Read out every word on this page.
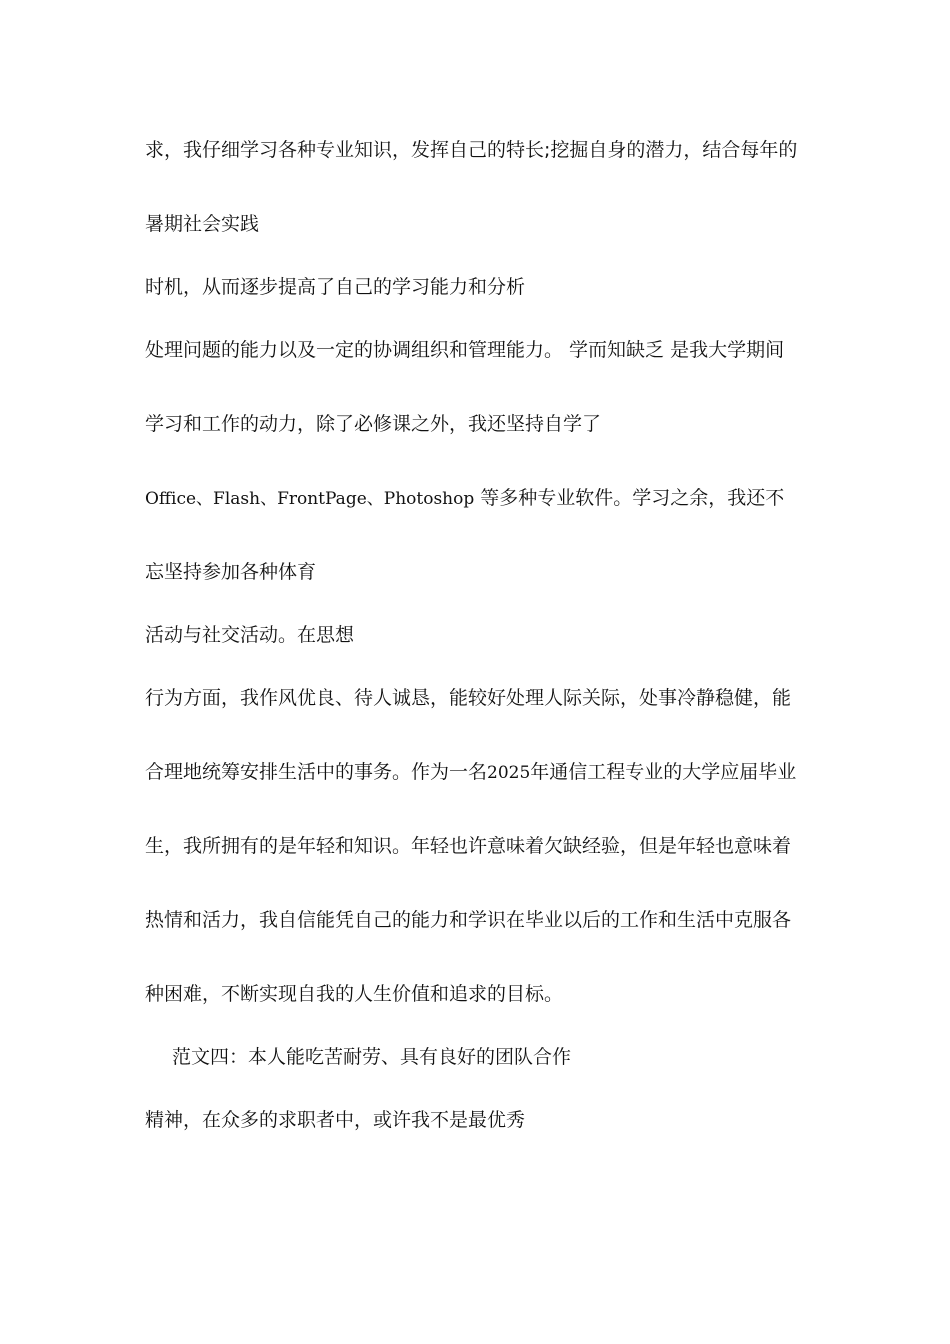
求，我仔细学习各种专业知识，发挥自己的特长;挖掘自身的潜力，结合每年的

暑期社会实践

时机，从而逐步提高了自己的学习能力和分析

处理问题的能力以及一定的协调组织和管理能力。 学而知缺乏 是我大学期间

学习和工作的动力，除了必修课之外，我还坚持自学了

Office、Flash、FrontPage、Photoshop 等多种专业软件。学习之余，我还不

忘坚持参加各种体育

活动与社交活动。在思想

行为方面，我作风优良、待人诚恳，能较好处理人际关际，处事冷静稳健，能

合理地统筹安排生活中的事务。作为一名2025年通信工程专业的大学应届毕业

生，我所拥有的是年轻和知识。年轻也许意味着欠缺经验，但是年轻也意味着

热情和活力，我自信能凭自己的能力和学识在毕业以后的工作和生活中克服各

种困难，不断实现自我的人生价值和追求的目标。

范文四：本人能吃苦耐劳、具有良好的团队合作

精神，在众多的求职者中，或许我不是最优秀
